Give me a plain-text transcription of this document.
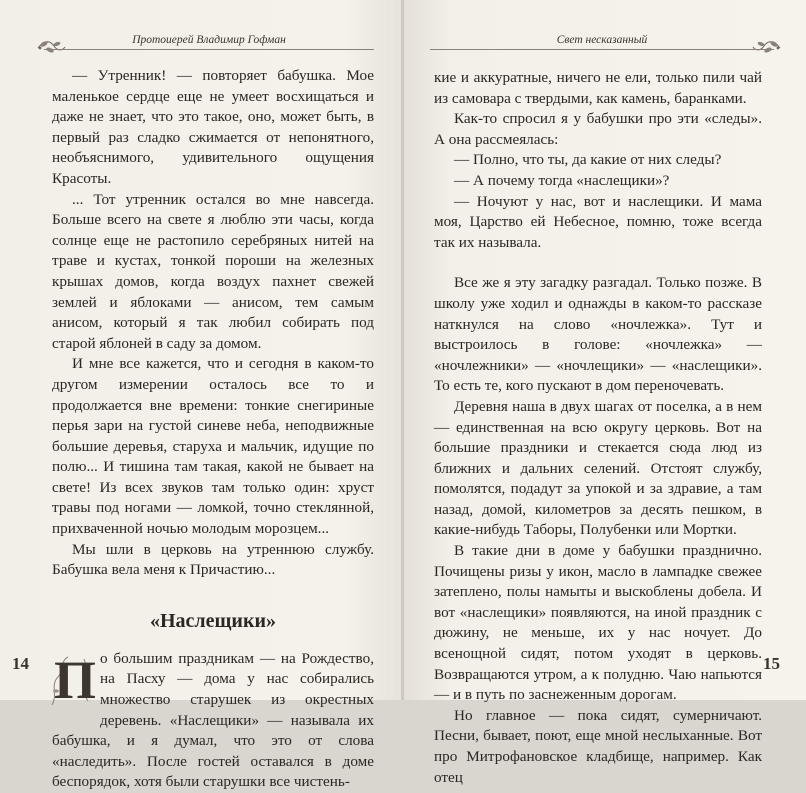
Протоиерей Владимир Гофман

— Утренник! — повторяет бабушка. Мое маленькое сердце еще не умеет восхищаться и даже не знает, что это такое, оно, может быть, в первый раз сладко сжимается от непонятного, необъяснимого, удивительного ощущения Красоты.

... Тот утренник остался во мне навсегда. Больше всего на свете я люблю эти часы, когда солнце еще не растопило серебряных нитей на траве и кустах, тонкой пороши на железных крышах домов, когда воздух пахнет свежей землей и яблоками — анисом, тем самым анисом, который я так любил собирать под старой яблоней в саду за домом.

И мне все кажется, что и сегодня в каком-то другом измерении осталось все то и продолжается вне времени: тонкие снегириные перья зари на густой синеве неба, неподвижные большие деревья, старуха и мальчик, идущие по полю... И тишина там такая, какой не бывает на свете! Из всех звуков там только один: хруст травы под ногами — ломкой, точно стеклянной, прихваченной ночью молодым морозцем...

Мы шли в церковь на утреннюю службу. Бабушка вела меня к Причастию...

«Наслещики»
П о большим праздникам — на Рождество, на Пасху — дома у нас собирались множество старушек из окрестных деревень. «Наслещики» — называла их бабушка, и я думал, что это от слова «наследить». После гостей оставался в доме беспорядок, хотя были старушки все чистень-

14
Свет несказанный

кие и аккуратные, ничего не ели, только пили чай из самовара с твердыми, как камень, баранками.

Как-то спросил я у бабушки про эти «следы». А она рассмеялась:

— Полно, что ты, да какие от них следы?

— А почему тогда «наслещики»?

— Ночуют у нас, вот и наслещики. И мама моя, Царство ей Небесное, помню, тоже всегда так их называла.

Все же я эту загадку разгадал. Только позже. В школу уже ходил и однажды в каком-то рассказе наткнулся на слово «ночлежка». Тут и выстроилось в голове: «ночлежка» — «ночлежники» — «ночлещики» — «наслещики». То есть те, кого пускают в дом переночевать.

Деревня наша в двух шагах от поселка, а в нем — единственная на всю округу церковь. Вот на большие праздники и стекается сюда люд из ближних и дальних селений. Отстоят службу, помолятся, подадут за упокой и за здравие, а там назад, домой, километров за десять пешком, в какие-нибудь Таборы, Полубенки или Мортки.

В такие дни в доме у бабушки празднично. Почищены ризы у икон, масло в лампадке свежее затеплено, полы намыты и выскоблены добела. И вот «наслещики» появляются, на иной праздник с дюжину, не меньше, их у нас ночует. До всенощной сидят, потом уходят в церковь. Возвращаются утром, а к полудню. Чаю напьются — и в путь по заснеженным дорогам.

Но главное — пока сидят, сумерничают. Песни, бывает, поют, еще мной неслыханные. Вот про Митрофановское кладбище, например. Как отец

15
